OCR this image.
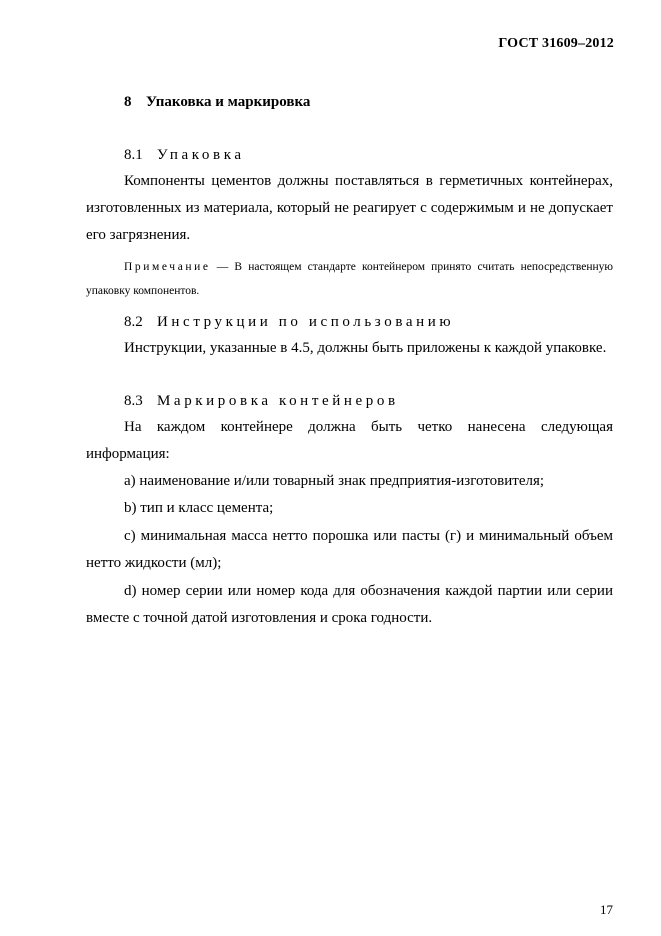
ГОСТ 31609–2012
8 Упаковка и маркировка
8.1 Упаковка

Компоненты цементов должны поставляться в герметичных контейнерах, изготовленных из материала, который не реагирует с содержимым и не допускает его загрязнения.

Примечание — В настоящем стандарте контейнером принято считать непосредственную упаковку компонентов.

8.2 Инструкции по использованию

Инструкции, указанные в 4.5, должны быть приложены к каждой упаковке.

8.3 Маркировка контейнеров

На каждом контейнере должна быть четко нанесена следующая информация:

a) наименование и/или товарный знак предприятия-изготовителя;

b) тип и класс цемента;

c) минимальная масса нетто порошка или пасты (г) и минимальный объем нетто жидкости (мл);

d) номер серии или номер кода для обозначения каждой партии или серии вместе с точной датой изготовления и срока годности.

17
